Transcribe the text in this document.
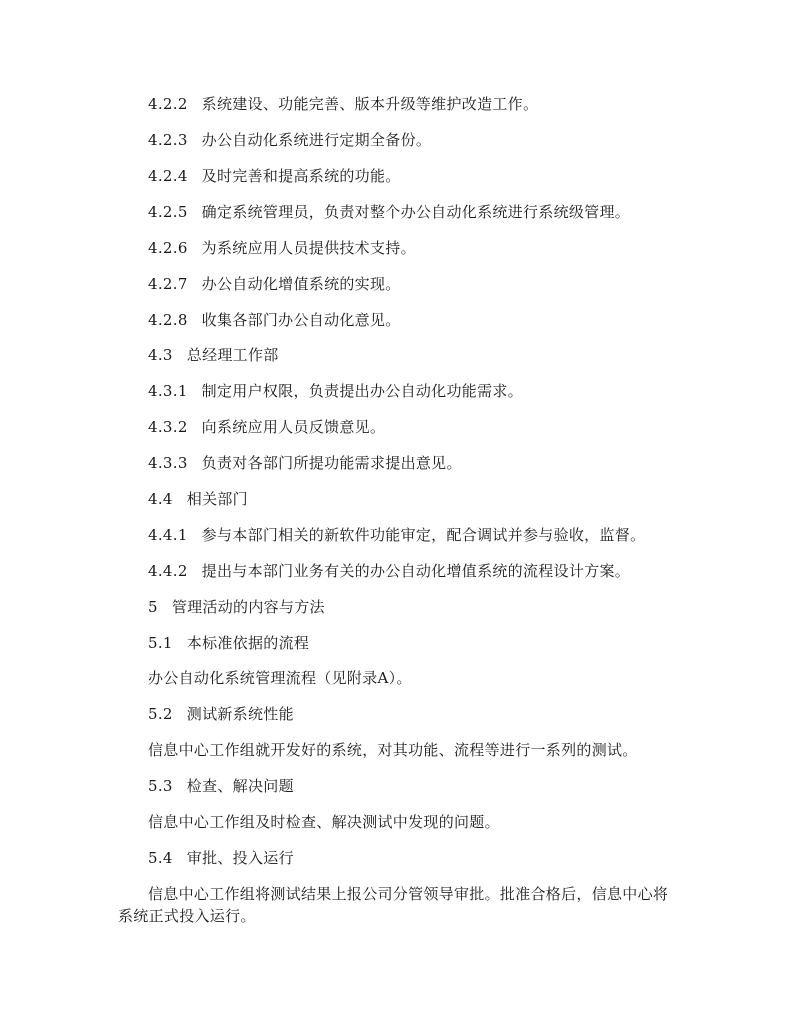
4.2.2 系统建设、功能完善、版本升级等维护改造工作。
4.2.3 办公自动化系统进行定期全备份。
4.2.4 及时完善和提高系统的功能。
4.2.5 确定系统管理员，负责对整个办公自动化系统进行系统级管理。
4.2.6 为系统应用人员提供技术支持。
4.2.7 办公自动化增值系统的实现。
4.2.8 收集各部门办公自动化意见。
4.3 总经理工作部
4.3.1 制定用户权限，负责提出办公自动化功能需求。
4.3.2 向系统应用人员反馈意见。
4.3.3 负责对各部门所提功能需求提出意见。
4.4 相关部门
4.4.1 参与本部门相关的新软件功能审定，配合调试并参与验收，监督。
4.4.2 提出与本部门业务有关的办公自动化增值系统的流程设计方案。
5 管理活动的内容与方法
5.1 本标准依据的流程
办公自动化系统管理流程（见附录A）。
5.2 测试新系统性能
信息中心工作组就开发好的系统，对其功能、流程等进行一系列的测试。
5.3 检查、解决问题
信息中心工作组及时检查、解决测试中发现的问题。
5.4 审批、投入运行
信息中心工作组将测试结果上报公司分管领导审批。批准合格后，信息中心将系统正式投入运行。
